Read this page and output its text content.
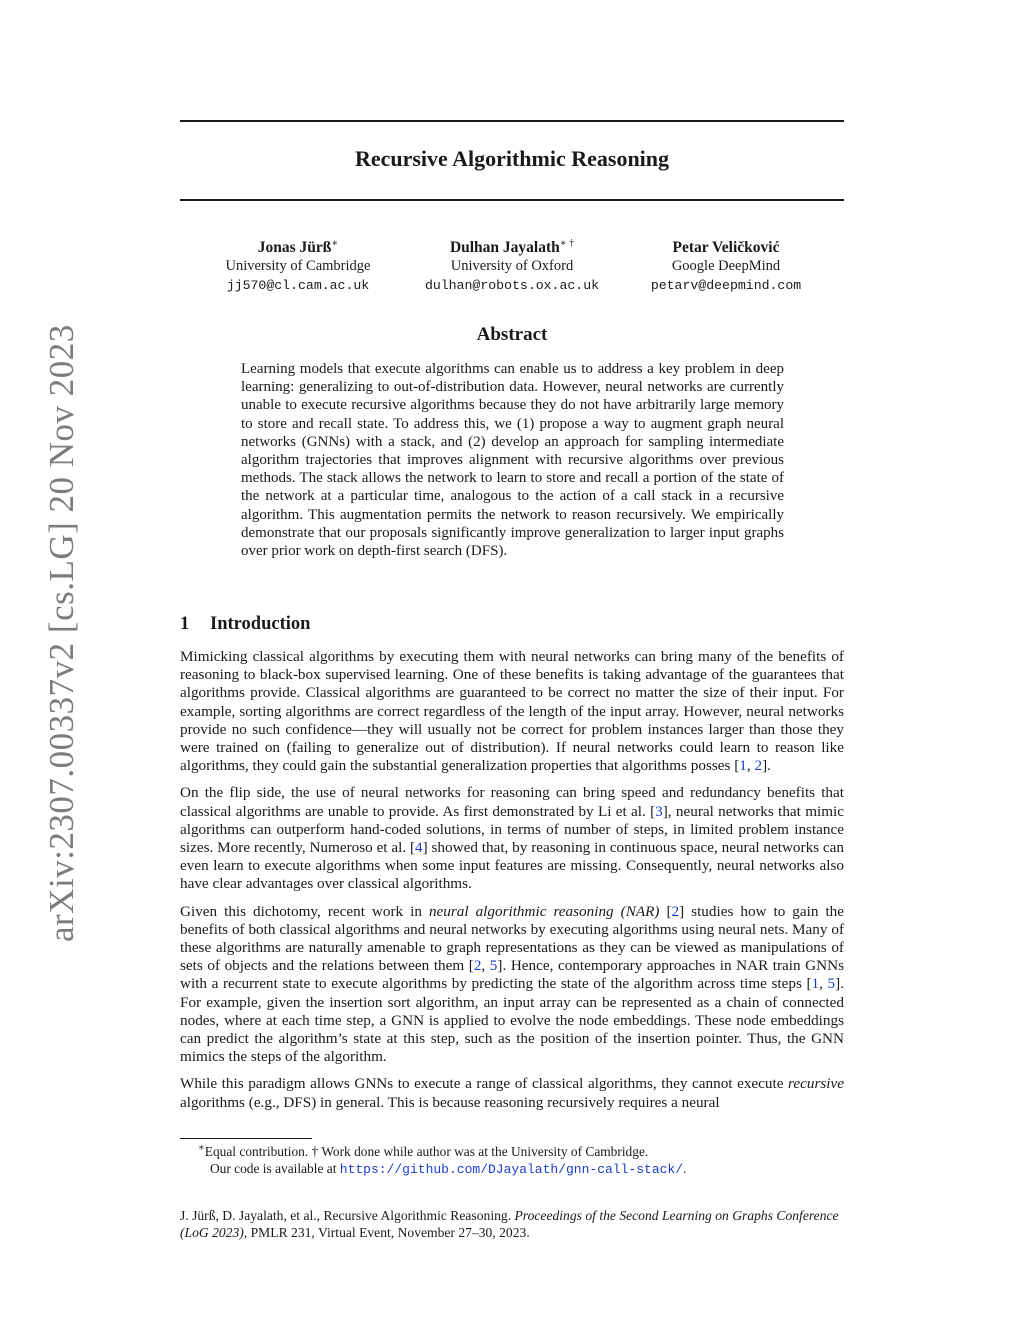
arXiv:2307.00337v2 [cs.LG] 20 Nov 2023
Recursive Algorithmic Reasoning
Jonas Jürß∗
University of Cambridge
jj570@cl.cam.ac.uk
Dulhan Jayalath∗ †
University of Oxford
dulhan@robots.ox.ac.uk
Petar Veličković
Google DeepMind
petarv@deepmind.com
Abstract
Learning models that execute algorithms can enable us to address a key problem in deep learning: generalizing to out-of-distribution data. However, neural networks are currently unable to execute recursive algorithms because they do not have arbitrarily large memory to store and recall state. To address this, we (1) propose a way to augment graph neural networks (GNNs) with a stack, and (2) develop an approach for sampling intermediate algorithm trajectories that improves alignment with recursive algorithms over previous methods. The stack allows the network to learn to store and recall a portion of the state of the network at a particular time, analogous to the action of a call stack in a recursive algorithm. This augmentation permits the network to reason recursively. We empirically demonstrate that our proposals significantly improve generalization to larger input graphs over prior work on depth-first search (DFS).
1 Introduction

Mimicking classical algorithms by executing them with neural networks can bring many of the benefits of reasoning to black-box supervised learning. One of these benefits is taking advantage of the guarantees that algorithms provide. Classical algorithms are guaranteed to be correct no matter the size of their input. For example, sorting algorithms are correct regardless of the length of the input array. However, neural networks provide no such confidence—they will usually not be correct for problem instances larger than those they were trained on (failing to generalize out of distribution). If neural networks could learn to reason like algorithms, they could gain the substantial generalization properties that algorithms posses [1, 2].

On the flip side, the use of neural networks for reasoning can bring speed and redundancy benefits that classical algorithms are unable to provide. As first demonstrated by Li et al. [3], neural networks that mimic algorithms can outperform hand-coded solutions, in terms of number of steps, in limited problem instance sizes. More recently, Numeroso et al. [4] showed that, by reasoning in continuous space, neural networks can even learn to execute algorithms when some input features are missing. Consequently, neural networks also have clear advantages over classical algorithms.

Given this dichotomy, recent work in neural algorithmic reasoning (NAR) [2] studies how to gain the benefits of both classical algorithms and neural networks by executing algorithms using neural nets. Many of these algorithms are naturally amenable to graph representations as they can be viewed as manipulations of sets of objects and the relations between them [2, 5]. Hence, contemporary approaches in NAR train GNNs with a recurrent state to execute algorithms by predicting the state of the algorithm across time steps [1, 5]. For example, given the insertion sort algorithm, an input array can be represented as a chain of connected nodes, where at each time step, a GNN is applied to evolve the node embeddings. These node embeddings can predict the algorithm’s state at this step, such as the position of the insertion pointer. Thus, the GNN mimics the steps of the algorithm.

While this paradigm allows GNNs to execute a range of classical algorithms, they cannot execute recursive algorithms (e.g., DFS) in general. This is because reasoning recursively requires a neural

∗Equal contribution. † Work done while author was at the University of Cambridge.
Our code is available at https://github.com/DJayalath/gnn-call-stack/.
J. Jürß, D. Jayalath, et al., Recursive Algorithmic Reasoning. Proceedings of the Second Learning on Graphs Conference (LoG 2023), PMLR 231, Virtual Event, November 27–30, 2023.
